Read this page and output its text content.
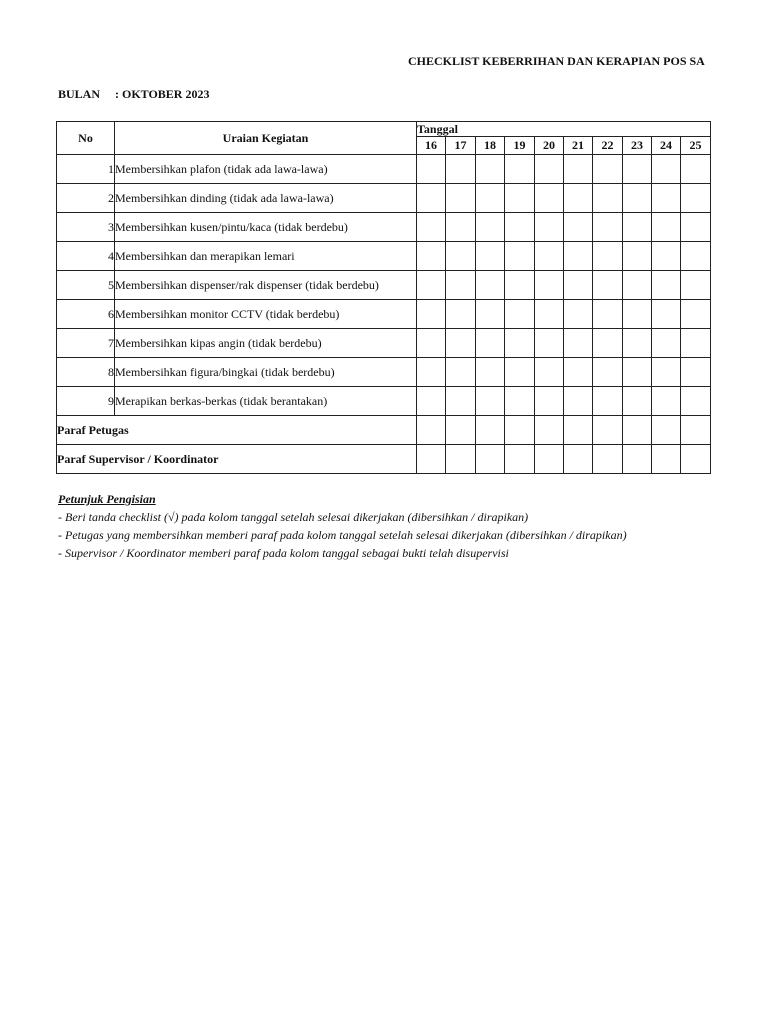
CHECKLIST KEBERRIHAN DAN KERAPIAN POS SA
BULAN : OKTOBER 2023
No	Uraian Kegiatan	Tanggal									
		16	17	18	19	20	21	22	23	24	25
1	Membersihkan plafon (tidak ada lawa-lawa)										
2	Membersihkan dinding (tidak ada lawa-lawa)										
3	Membersihkan kusen/pintu/kaca (tidak berdebu)										
4	Membersihkan dan merapikan lemari										
5	Membersihkan dispenser/rak dispenser (tidak berdebu)										
6	Membersihkan monitor CCTV (tidak berdebu)										
7	Membersihkan kipas angin (tidak berdebu)										
8	Membersihkan figura/bingkai (tidak berdebu)										
9	Merapikan berkas-berkas (tidak berantakan)										
Paraf Petugas											
Paraf Supervisor / Koordinator											
Petunjuk Pengisian
- Beri tanda checklist (√) pada kolom tanggal setelah selesai dikerjakan (dibersihkan / dirapikan)
- Petugas yang membersihkan memberi paraf pada kolom tanggal setelah selesai dikerjakan (dibersihkan / dirapikan)
- Supervisor / Koordinator memberi paraf pada kolom tanggal sebagai bukti telah disupervisi
